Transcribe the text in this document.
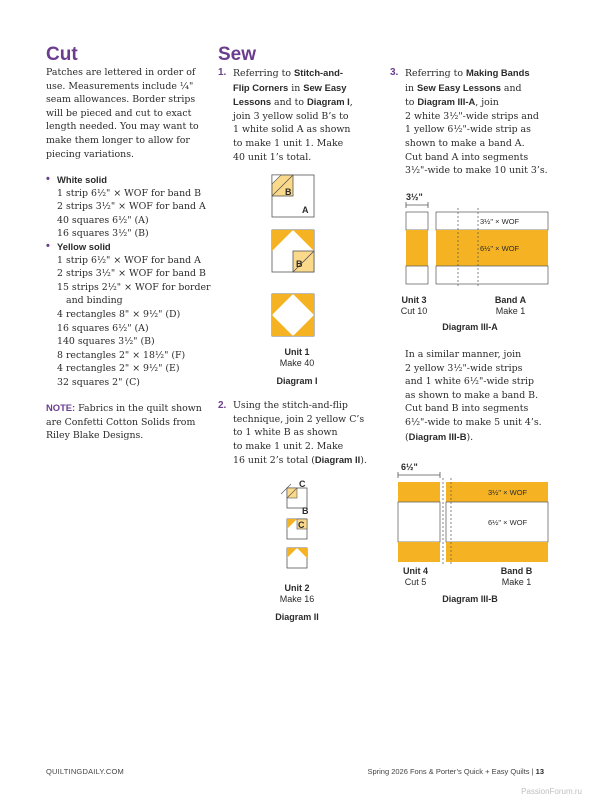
Cut
Patches are lettered in order of
use. Measurements include ¼"
seam allowances. Border strips
will be pieced and cut to exact
length needed. You may want to
make them longer to allow for
piecing variations.
• White solid
1 strip 6½" × WOF for band B
2 strips 3½" × WOF for band A
40 squares 6½" (A)
16 squares 3½" (B)
• Yellow solid
1 strip 6½" × WOF for band A
2 strips 3½" × WOF for band B
15 strips 2½" × WOF for border
and binding
4 rectangles 8" × 9½" (D)
16 squares 6½" (A)
140 squares 3½" (B)
8 rectangles 2" × 18½" (F)
4 rectangles 2" × 9½" (E)
32 squares 2" (C)
NOTE: Fabrics in the quilt shown
are Confetti Cotton Solids from
Riley Blake Designs.
Sew
1. Referring to Stitch-and-
Flip Corners in Sew Easy
Lessons and to Diagram I,
join 3 yellow solid B’s to
1 white solid A as shown
to make 1 unit 1. Make
40 unit 1’s total.
B
A
B
Unit 1
Make 40
Diagram I
2. Using the stitch-and-flip
technique, join 2 yellow C’s
to 1 white B as shown
to make 1 unit 2. Make
16 unit 2’s total (Diagram II).
C
B
C
Unit 2
Make 16
Diagram II
3. Referring to Making Bands
in Sew Easy Lessons and
to Diagram III-A, join
2 white 3½"-wide strips and
1 yellow 6½"-wide strip as
shown to make a band A.
Cut band A into segments
3½"-wide to make 10 unit 3’s.
3½"
3½" × WOF
6½" × WOF
Unit 3
Cut 10
Band A
Make 1
Diagram III-A
In a similar manner, join
2 yellow 3½"-wide strips
and 1 white 6½"-wide strip
as shown to make a band B.
Cut band B into segments
6½"-wide to make 5 unit 4’s.
(Diagram III-B).
6½"
3½" × WOF
6½" × WOF
Unit 4
Cut 5
Band B
Make 1
Diagram III-B
QUILTINGDAILY.COM	Spring 2026 Fons & Porter’s Quick + Easy Quilts | 13
PassionForum.ru
